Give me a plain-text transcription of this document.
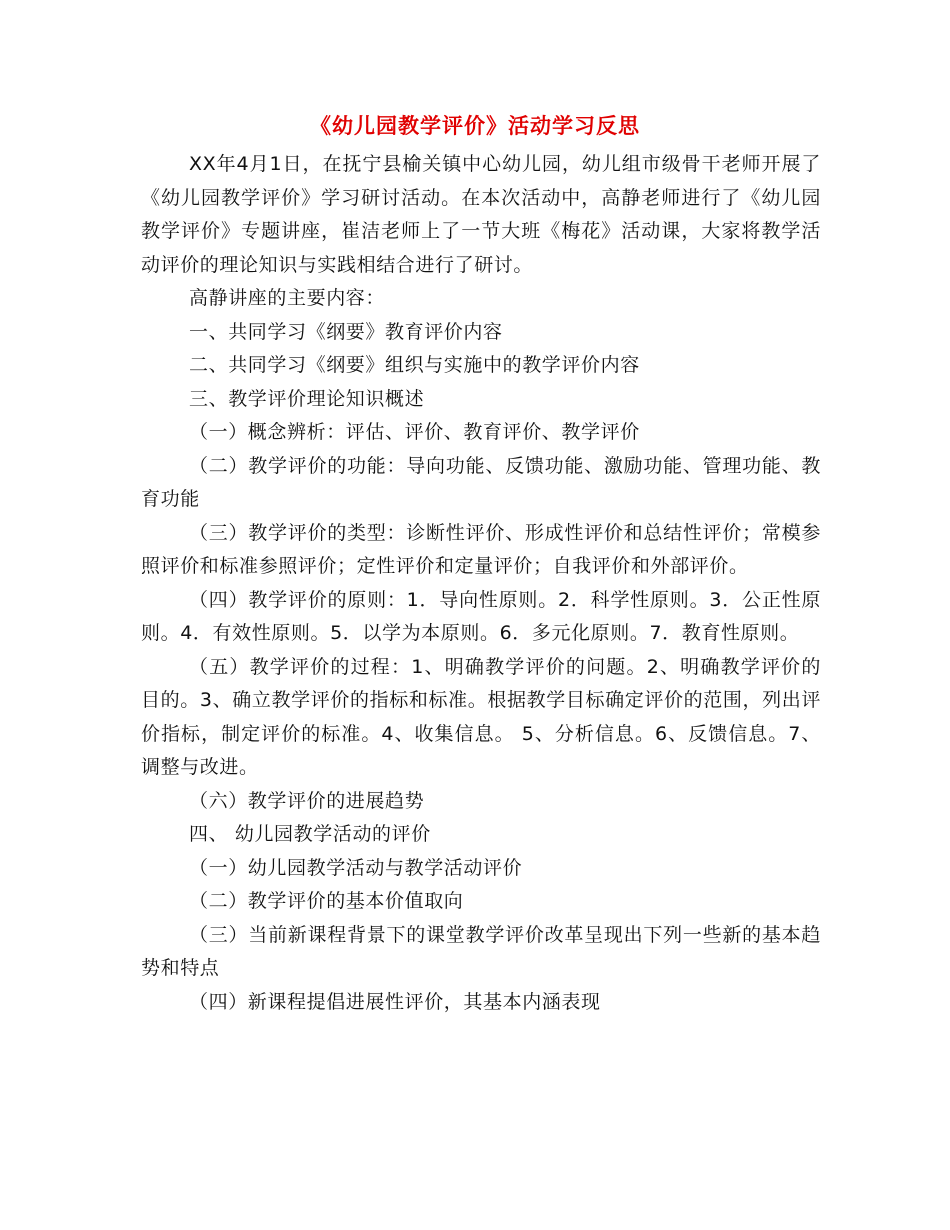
《幼儿园教学评价》活动学习反思

XX年4月1日，在抚宁县榆关镇中心幼儿园，幼儿组市级骨干老师开展了《幼儿园教学评价》学习研讨活动。在本次活动中，高静老师进行了《幼儿园教学评价》专题讲座，崔洁老师上了一节大班《梅花》活动课，大家将教学活动评价的理论知识与实践相结合进行了研讨。

高静讲座的主要内容：

一、共同学习《纲要》教育评价内容

二、共同学习《纲要》组织与实施中的教学评价内容

三、教学评价理论知识概述

（一）概念辨析：评估、评价、教育评价、教学评价

（二）教学评价的功能：导向功能、反馈功能、激励功能、管理功能、教育功能

（三）教学评价的类型：诊断性评价、形成性评价和总结性评价；常模参照评价和标准参照评价；定性评价和定量评价；自我评价和外部评价。

（四）教学评价的原则：1．导向性原则。2．科学性原则。3．公正性原则。4．有效性原则。5．以学为本原则。6．多元化原则。7．教育性原则。

（五）教学评价的过程：1、明确教学评价的问题。2、明确教学评价的目的。3、确立教学评价的指标和标准。根据教学目标确定评价的范围，列出评价指标，制定评价的标准。4、收集信息。 5、分析信息。6、反馈信息。7、调整与改进。

（六）教学评价的进展趋势

四、 幼儿园教学活动的评价

（一）幼儿园教学活动与教学活动评价

（二）教学评价的基本价值取向

（三）当前新课程背景下的课堂教学评价改革呈现出下列一些新的基本趋势和特点

（四）新课程提倡进展性评价，其基本内涵表现
